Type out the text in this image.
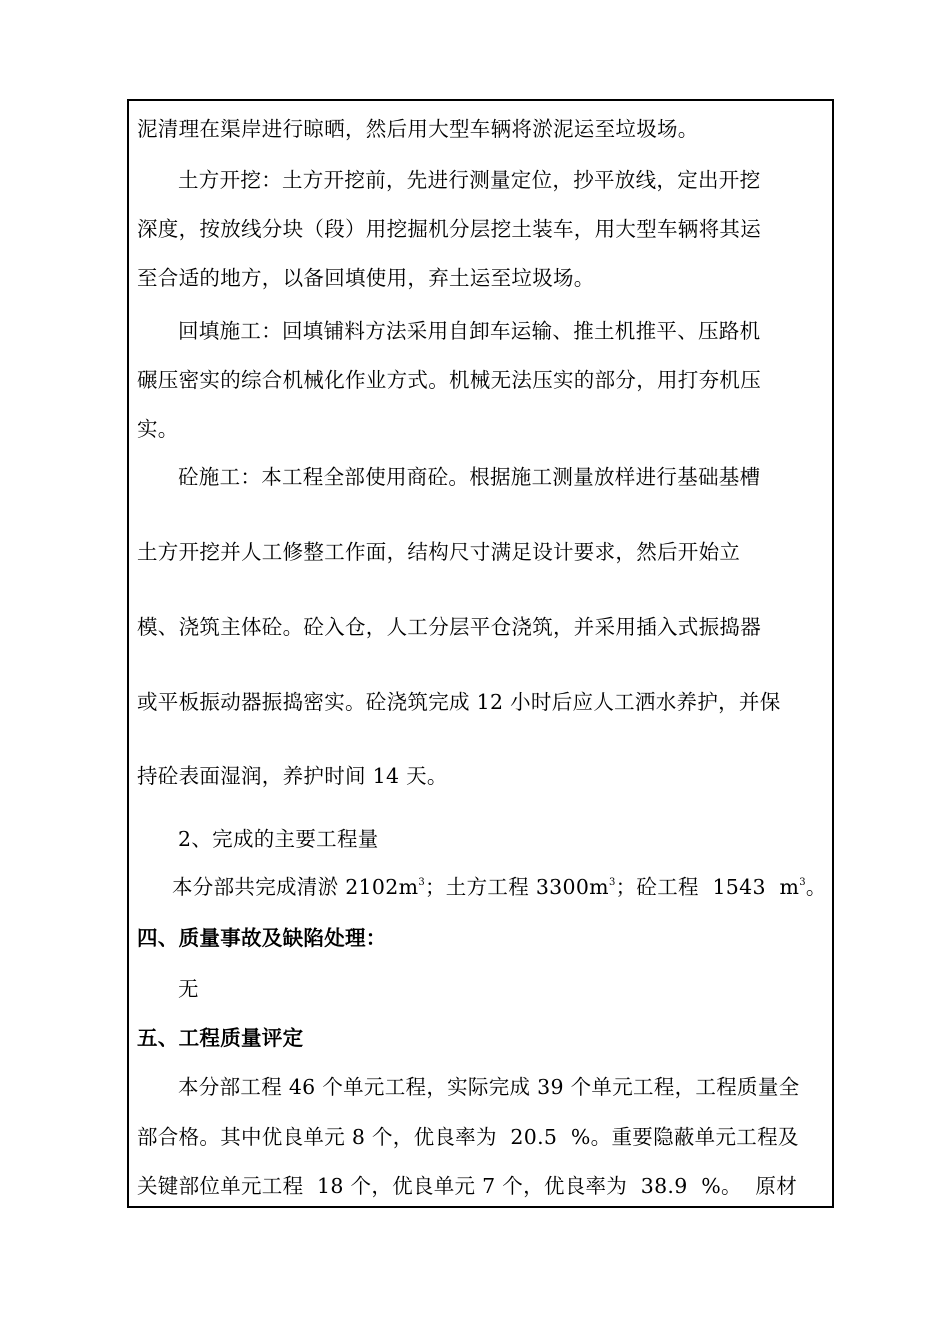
泥清理在渠岸进行晾晒，然后用大型车辆将淤泥运至垃圾场。
土方开挖：土方开挖前，先进行测量定位，抄平放线，定出开挖
深度，按放线分块（段）用挖掘机分层挖土装车，用大型车辆将其运
至合适的地方，以备回填使用，弃土运至垃圾场。
回填施工：回填铺料方法采用自卸车运输、推土机推平、压路机
碾压密实的综合机械化作业方式。机械无法压实的部分，用打夯机压
实。
砼施工：本工程全部使用商砼。根据施工测量放样进行基础基槽
土方开挖并人工修整工作面，结构尺寸满足设计要求，然后开始立
模、浇筑主体砼。砼入仓，人工分层平仓浇筑，并采用插入式振捣器
或平板振动器振捣密实。砼浇筑完成 12 小时后应人工洒水养护，并保
持砼表面湿润，养护时间 14 天。
2、完成的主要工程量
本分部共完成清淤 $2102m^3$；土方工程 $3300m^3$；砼工程  1543  $m^3$。
四、质量事故及缺陷处理：
无
五、工程质量评定
本分部工程 46 个单元工程，实际完成 39 个单元工程，工程质量全
部合格。其中优良单元 8 个，优良率为  20.5  %。重要隐蔽单元工程及
关键部位单元工程  18 个，优良单元 7 个，优良率为  38.9  %。  原材
